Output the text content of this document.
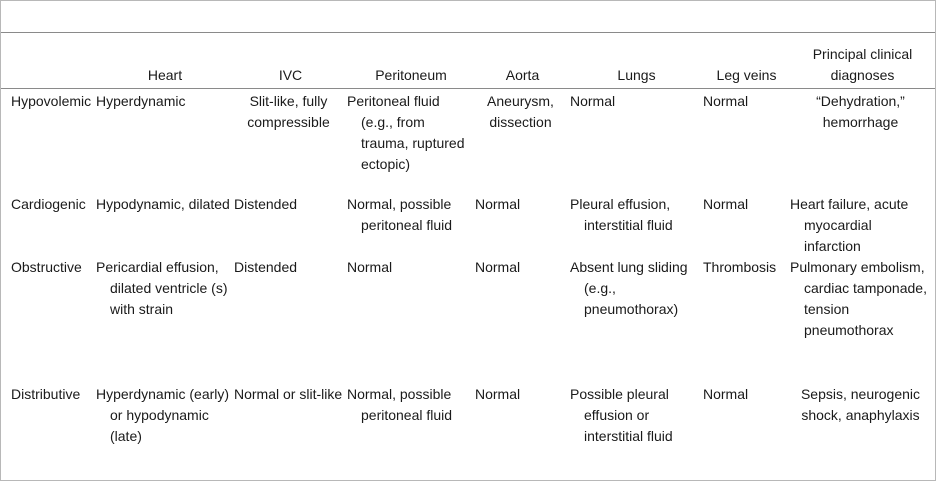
	Heart	IVC	Peritoneum	Aorta	Lungs	Leg veins	Principal clinical diagnoses
Hypovolemic	Hyperdynamic	Slit-like, fully compressible	Peritoneal fluid (e.g., from trauma, ruptured ectopic)	Aneurysm, dissection	Normal	Normal	“Dehydration,” hemorrhage
Cardiogenic	Hypodynamic, dilated	Distended	Normal, possible peritoneal fluid	Normal	Pleural effusion, interstitial fluid	Normal	Heart failure, acute myocardial infarction
Obstructive	Pericardial effusion, dilated ventricle (s) with strain	Distended	Normal	Normal	Absent lung sliding (e.g., pneumothorax)	Thrombosis	Pulmonary embolism, cardiac tamponade, tension pneumothorax
Distributive	Hyperdynamic (early) or hypodynamic (late)	Normal or slit-like	Normal, possible peritoneal fluid	Normal	Possible pleural effusion or interstitial fluid	Normal	Sepsis, neurogenic shock, anaphylaxis
